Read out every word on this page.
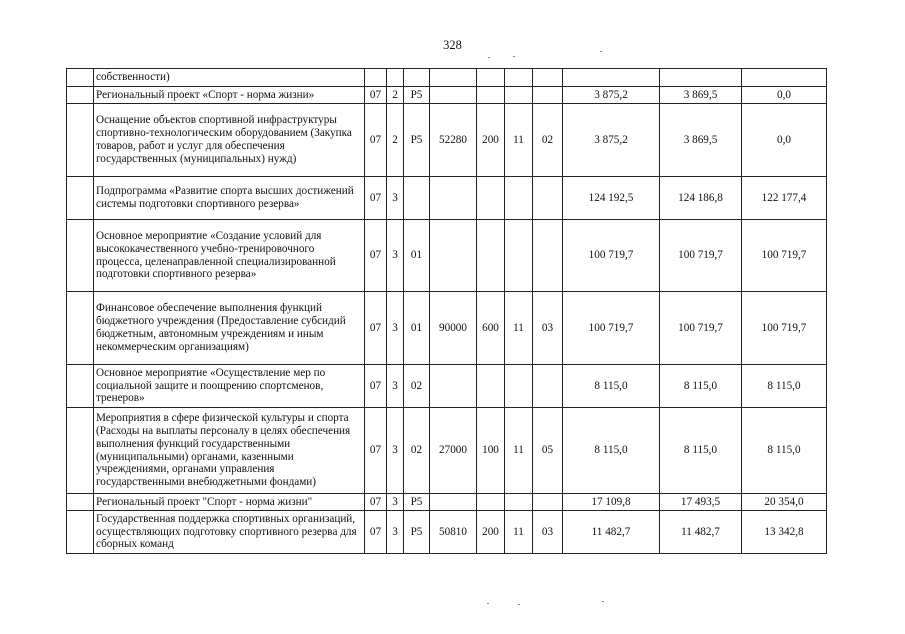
328
	собственности)										
	Региональный проект «Спорт - норма жизни»	07	2	Р5					3 875,2	3 869,5	0,0
	Оснащение объектов спортивной инфраструктуры спортивно-технологическим оборудованием (Закупка товаров, работ и услуг для обеспечения государственных (муниципальных) нужд)	07	2	Р5	52280	200	11	02	3 875,2	3 869,5	0,0
	Подпрограмма «Развитие спорта высших достижений системы подготовки спортивного резерва»	07	3						124 192,5	124 186,8	122 177,4
	Основное мероприятие «Создание условий для высококачественного учебно-тренировочного процесса, целенаправленной специализированной подготовки спортивного резерва»	07	3	01					100 719,7	100 719,7	100 719,7
	Финансовое обеспечение выполнения функций бюджетного учреждения (Предоставление субсидий бюджетным, автономным учреждениям и иным некоммерческим организациям)	07	3	01	90000	600	11	03	100 719,7	100 719,7	100 719,7
	Основное мероприятие «Осуществление мер по социальной защите и поощрению спортсменов, тренеров»	07	3	02					8 115,0	8 115,0	8 115,0
	Мероприятия в сфере физической культуры и спорта (Расходы на выплаты персоналу в целях обеспечения выполнения функций государственными (муниципальными) органами, казенными учреждениями, органами управления государственными внебюджетными фондами)	07	3	02	27000	100	11	05	8 115,0	8 115,0	8 115,0
	Региональный проект "Спорт - норма жизни"	07	3	Р5					17 109,8	17 493,5	20 354,0
	Государственная поддержка спортивных организаций, осуществляющих подготовку спортивного резерва для сборных команд	07	3	Р5	50810	200	11	03	11 482,7	11 482,7	13 342,8
